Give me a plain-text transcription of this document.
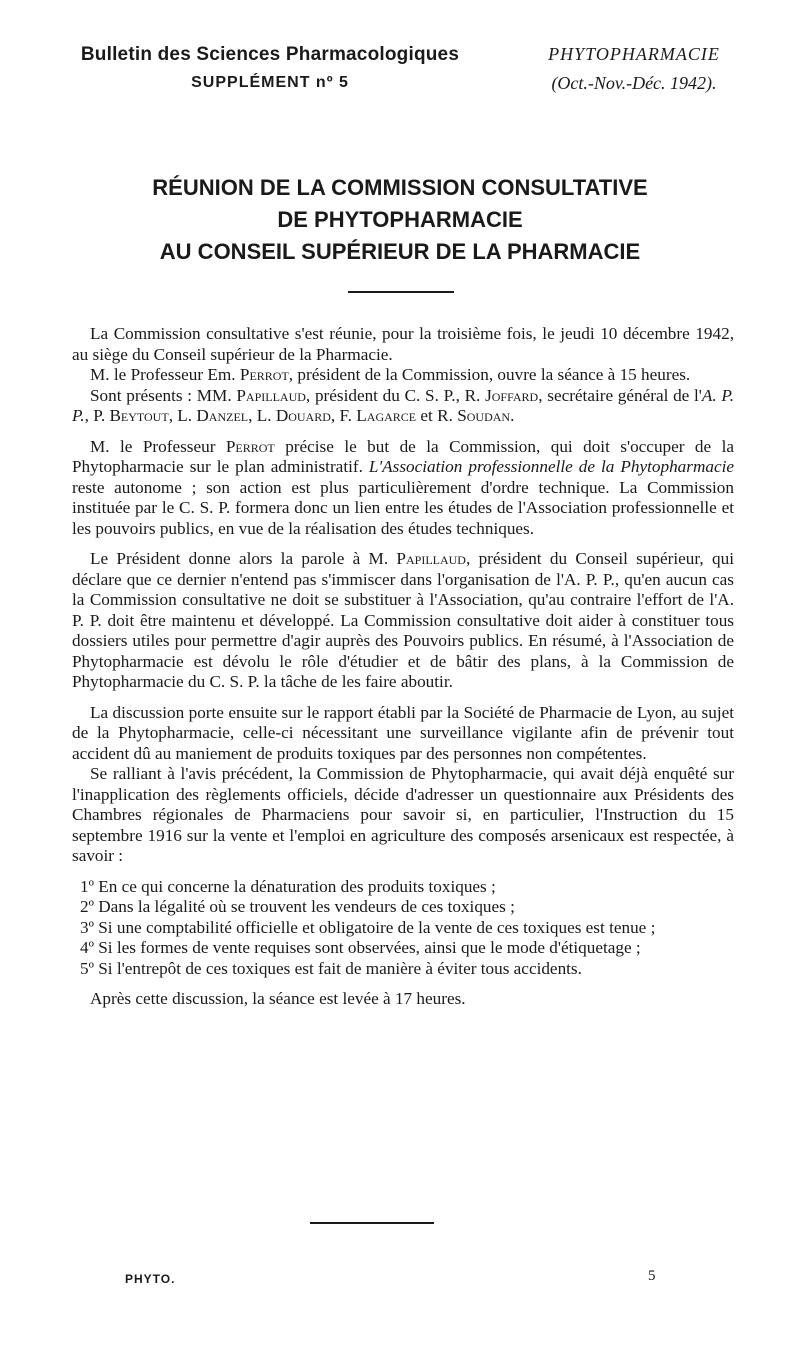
Bulletin des Sciences Pharmacologiques
SUPPLÉMENT nº 5
PHYTOPHARMACIE
(Oct.-Nov.-Déc. 1942).
RÉUNION DE LA COMMISSION CONSULTATIVE
DE PHYTOPHARMACIE
AU CONSEIL SUPÉRIEUR DE LA PHARMACIE

La Commission consultative s'est réunie, pour la troisième fois, le jeudi 10 décembre 1942, au siège du Conseil supérieur de la Pharmacie.

M. le Professeur Em. Perrot, président de la Commission, ouvre la séance à 15 heures.

Sont présents : MM. Papillaud, président du C. S. P., R. Joffard, secrétaire général de l'A. P. P., P. Beytout, L. Danzel, L. Douard, F. Lagarce et R. Soudan.

M. le Professeur Perrot précise le but de la Commission, qui doit s'occuper de la Phytopharmacie sur le plan administratif. L'Association professionnelle de la Phytopharmacie reste autonome ; son action est plus particulièrement d'ordre technique. La Commission instituée par le C. S. P. formera donc un lien entre les études de l'Association professionnelle et les pouvoirs publics, en vue de la réalisation des études techniques.

Le Président donne alors la parole à M. Papillaud, président du Conseil supérieur, qui déclare que ce dernier n'entend pas s'immiscer dans l'organisation de l'A. P. P., qu'en aucun cas la Commission consultative ne doit se substituer à l'Association, qu'au contraire l'effort de l'A. P. P. doit être maintenu et développé. La Commission consultative doit aider à constituer tous dossiers utiles pour permettre d'agir auprès des Pouvoirs publics. En résumé, à l'Association de Phytopharmacie est dévolu le rôle d'étudier et de bâtir des plans, à la Commission de Phytopharmacie du C. S. P. la tâche de les faire aboutir.

La discussion porte ensuite sur le rapport établi par la Société de Pharmacie de Lyon, au sujet de la Phytopharmacie, celle-ci nécessitant une surveillance vigilante afin de prévenir tout accident dû au maniement de produits toxiques par des personnes non compétentes.

Se ralliant à l'avis précédent, la Commission de Phytopharmacie, qui avait déjà enquêté sur l'inapplication des règlements officiels, décide d'adresser un questionnaire aux Présidents des Chambres régionales de Pharmaciens pour savoir si, en particulier, l'Instruction du 15 septembre 1916 sur la vente et l'emploi en agriculture des composés arsenicaux est respectée, à savoir :

1º En ce qui concerne la dénaturation des produits toxiques ;
2º Dans la légalité où se trouvent les vendeurs de ces toxiques ;
3º Si une comptabilité officielle et obligatoire de la vente de ces toxiques est tenue ;
4º Si les formes de vente requises sont observées, ainsi que le mode d'étiquetage ;
5º Si l'entrepôt de ces toxiques est fait de manière à éviter tous accidents.

Après cette discussion, la séance est levée à 17 heures.

PHYTO.	5
